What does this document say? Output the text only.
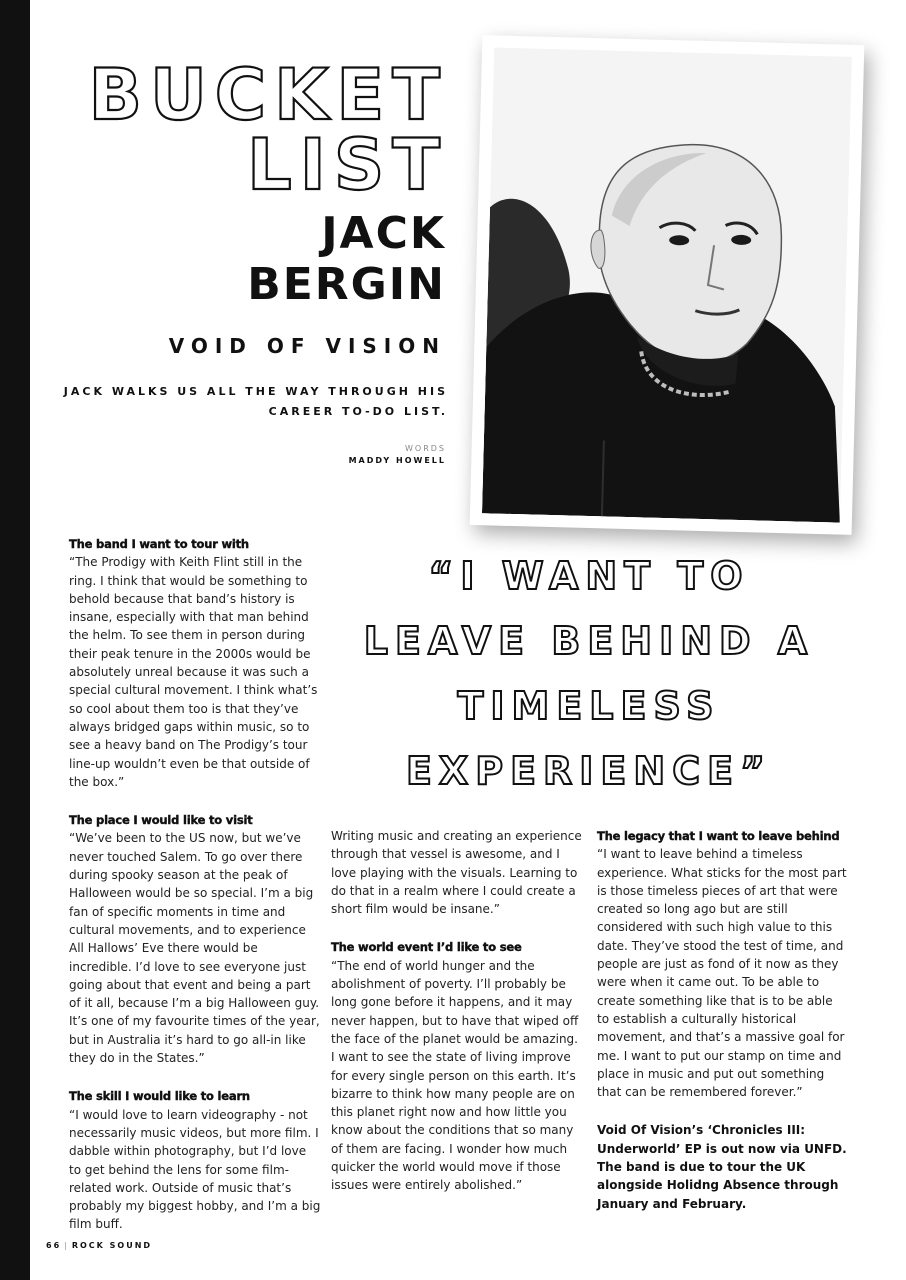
BUCKET
LIST
JACK
BERGIN

VOID OF VISION

JACK WALKS US ALL THE WAY THROUGH HIS CAREER TO-DO LIST.

WORDS

MADDY HOWELL

“I WANT TO LEAVE BEHIND A TIMELESS EXPERIENCE”

The band I want to tour with

“The Prodigy with Keith Flint still in the ring. I think that would be something to behold because that band’s history is insane, especially with that man behind the helm. To see them in person during their peak tenure in the 2000s would be absolutely unreal because it was such a special cultural movement. I think what’s so cool about them too is that they’ve always bridged gaps within music, so to see a heavy band on The Prodigy’s tour line-up wouldn’t even be that outside of the box.”

The place I would like to visit

“We’ve been to the US now, but we’ve never touched Salem. To go over there during spooky season at the peak of Halloween would be so special. I’m a big fan of specific moments in time and cultural movements, and to experience All Hallows’ Eve there would be incredible. I’d love to see everyone just going about that event and being a part of it all, because I’m a big Halloween guy. It’s one of my favourite times of the year, but in Australia it’s hard to go all-in like they do in the States.”

The skill I would like to learn

“I would love to learn videography - not necessarily music videos, but more film. I dabble within photography, but I’d love to get behind the lens for some film-related work. Outside of music that’s probably my biggest hobby, and I’m a big film buff.

Writing music and creating an experience through that vessel is awesome, and I love playing with the visuals. Learning to do that in a realm where I could create a short film would be insane.”

The world event I’d like to see

“The end of world hunger and the abolishment of poverty. I’ll probably be long gone before it happens, and it may never happen, but to have that wiped off the face of the planet would be amazing. I want to see the state of living improve for every single person on this earth. It’s bizarre to think how many people are on this planet right now and how little you know about the conditions that so many of them are facing. I wonder how much quicker the world would move if those issues were entirely abolished.”

The legacy that I want to leave behind

“I want to leave behind a timeless experience. What sticks for the most part is those timeless pieces of art that were created so long ago but are still considered with such high value to this date. They’ve stood the test of time, and people are just as fond of it now as they were when it came out. To be able to create something like that is to be able to establish a culturally historical movement, and that’s a massive goal for me. I want to put our stamp on time and place in music and put out something that can be remembered forever.”

Void Of Vision’s ‘Chronicles III: Underworld’ EP is out now via UNFD. The band is due to tour the UK alongside Holidng Absence through January and February.

66 | ROCK SOUND
